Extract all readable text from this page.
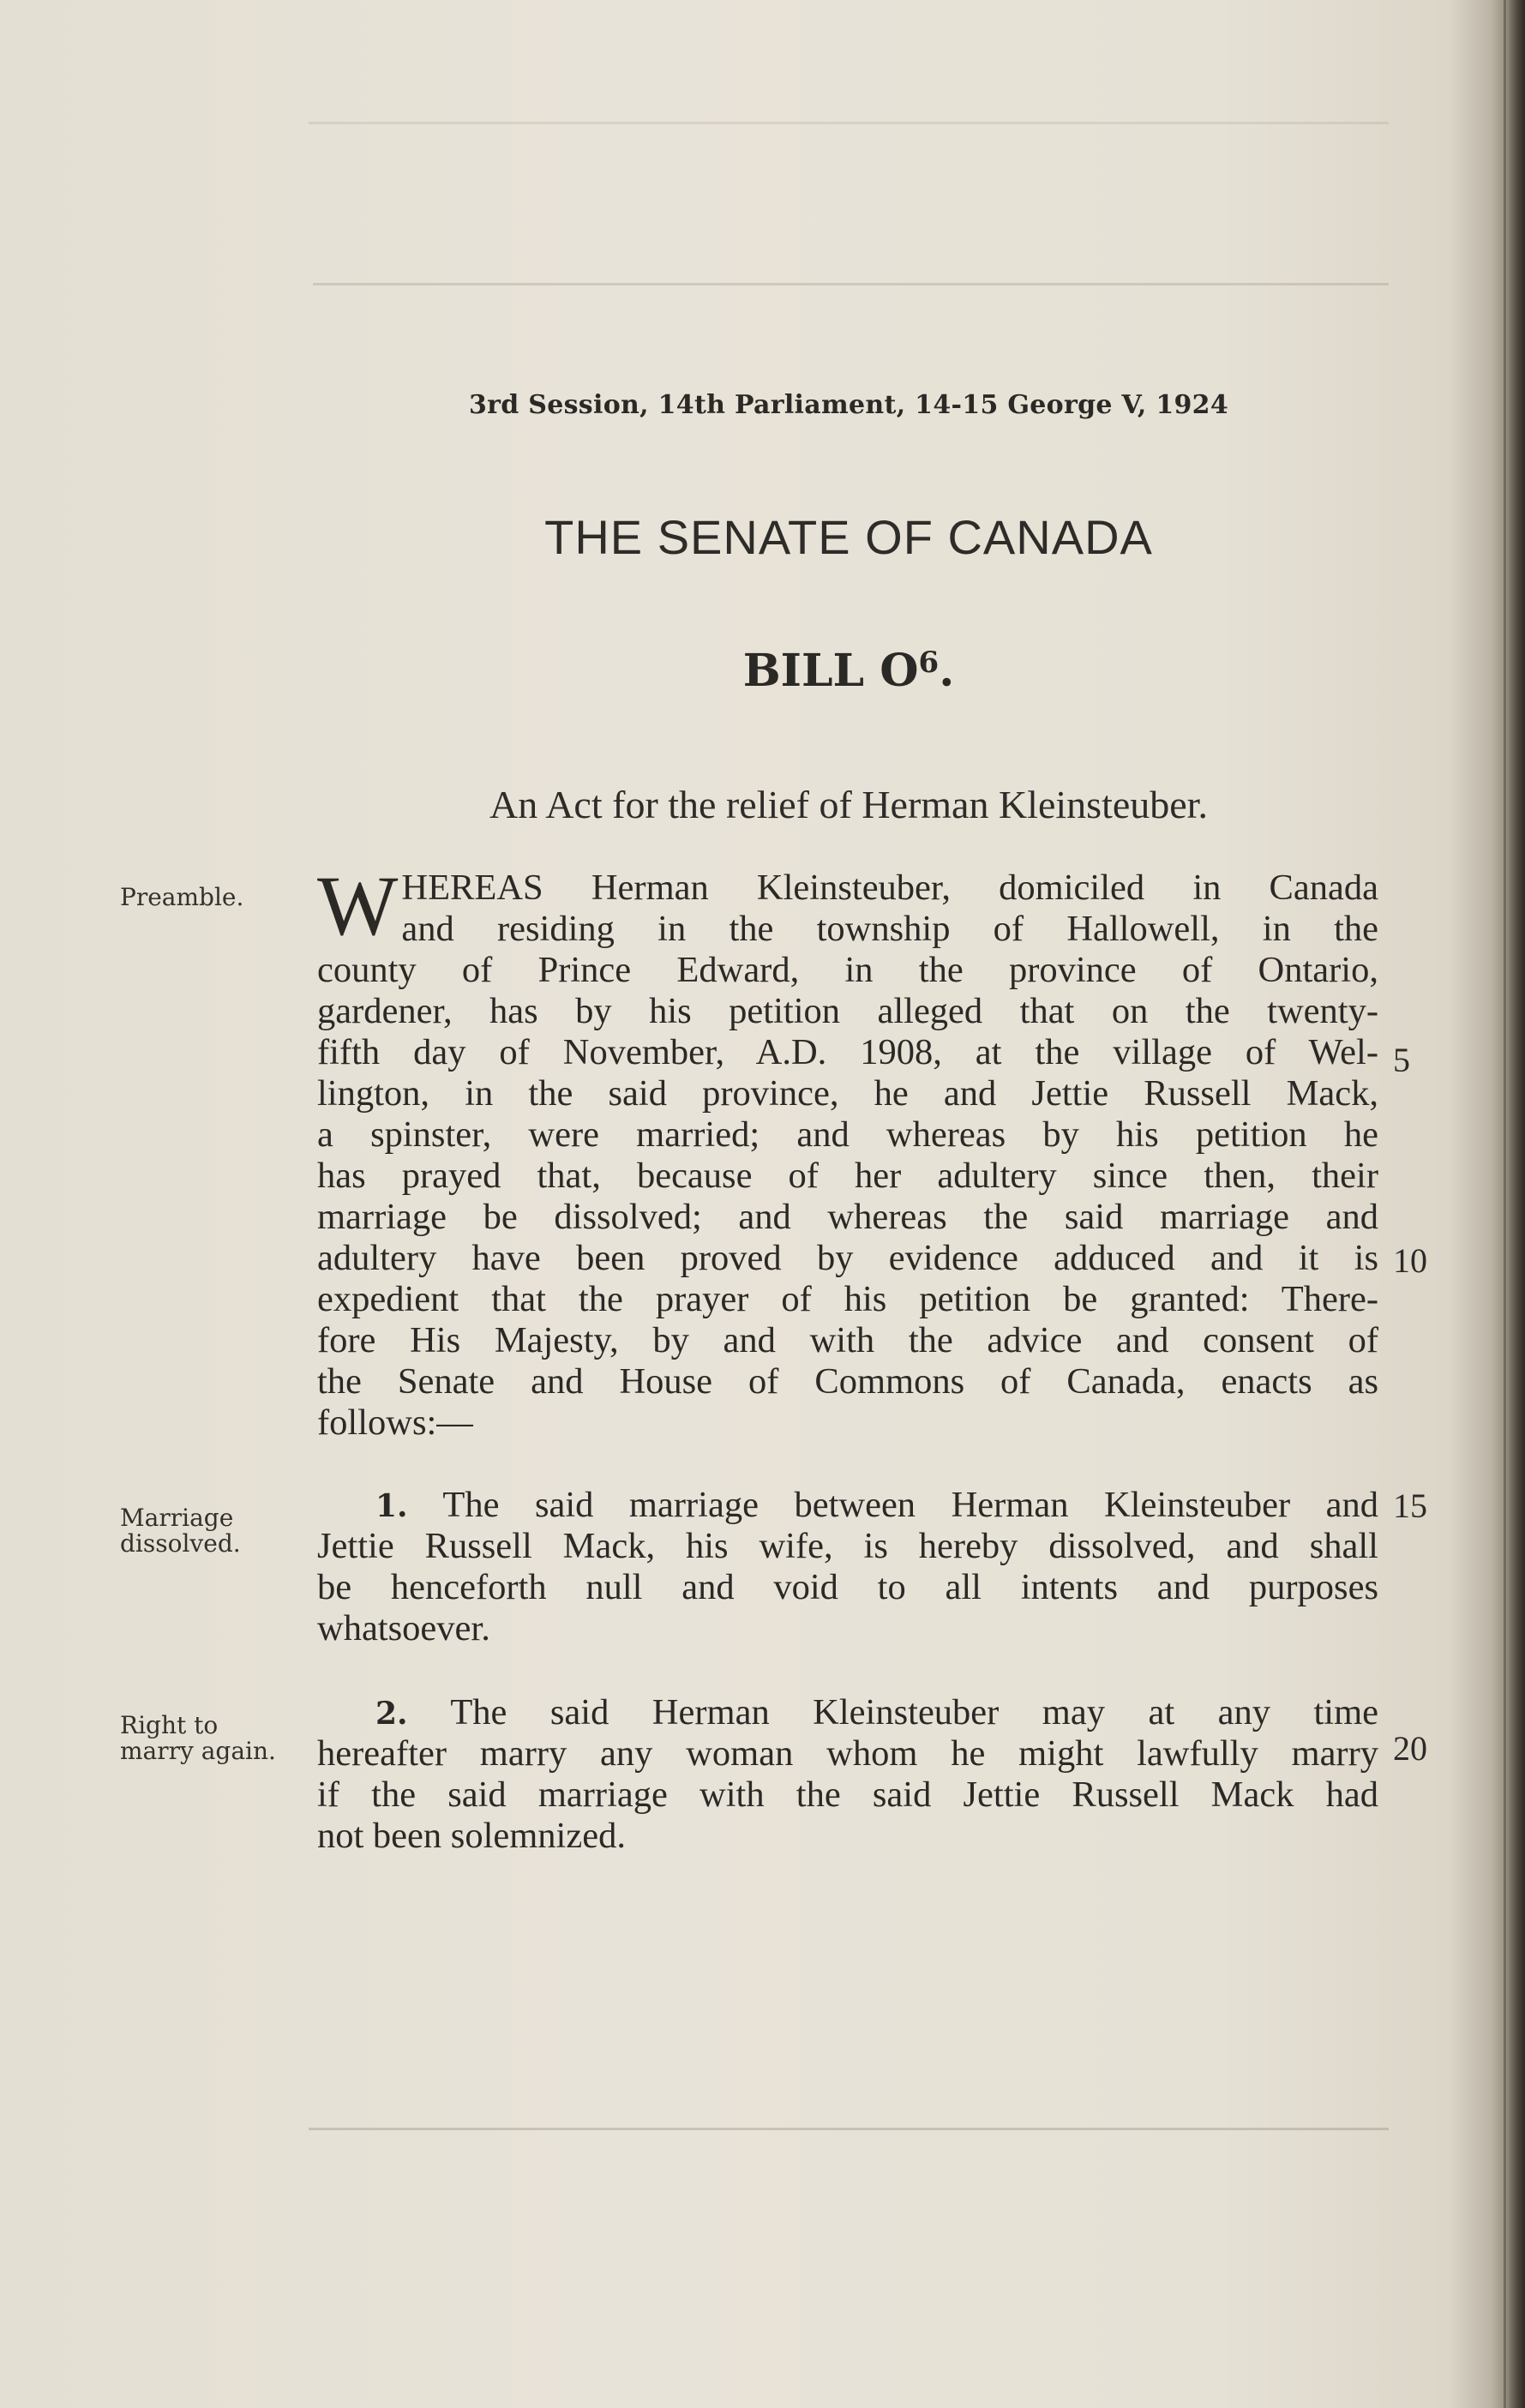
3rd Session, 14th Parliament, 14-15 George V, 1924
THE SENATE OF CANADA
BILL $O^6$.
An Act for the relief of Herman Kleinsteuber.
Preamble.
Marriage
dissolved.
Right to
marry again.
5
10
15
20
W HEREAS Herman Kleinsteuber, domiciled in Canada
and residing in the township of Hallowell, in the
county of Prince Edward, in the province of Ontario,
gardener, has by his petition alleged that on the twenty-
fifth day of November, A.D. 1908, at the village of Wel-
lington, in the said province, he and Jettie Russell Mack,
a spinster, were married; and whereas by his petition he
has prayed that, because of her adultery since then, their
marriage be dissolved; and whereas the said marriage and
adultery have been proved by evidence adduced and it is
expedient that the prayer of his petition be granted: There-
fore His Majesty, by and with the advice and consent of
the Senate and House of Commons of Canada, enacts as
follows:—
1. The said marriage between Herman Kleinsteuber and
Jettie Russell Mack, his wife, is hereby dissolved, and shall
be henceforth null and void to all intents and purposes
whatsoever.
2. The said Herman Kleinsteuber may at any time
hereafter marry any woman whom he might lawfully marry
if the said marriage with the said Jettie Russell Mack had
not been solemnized.
